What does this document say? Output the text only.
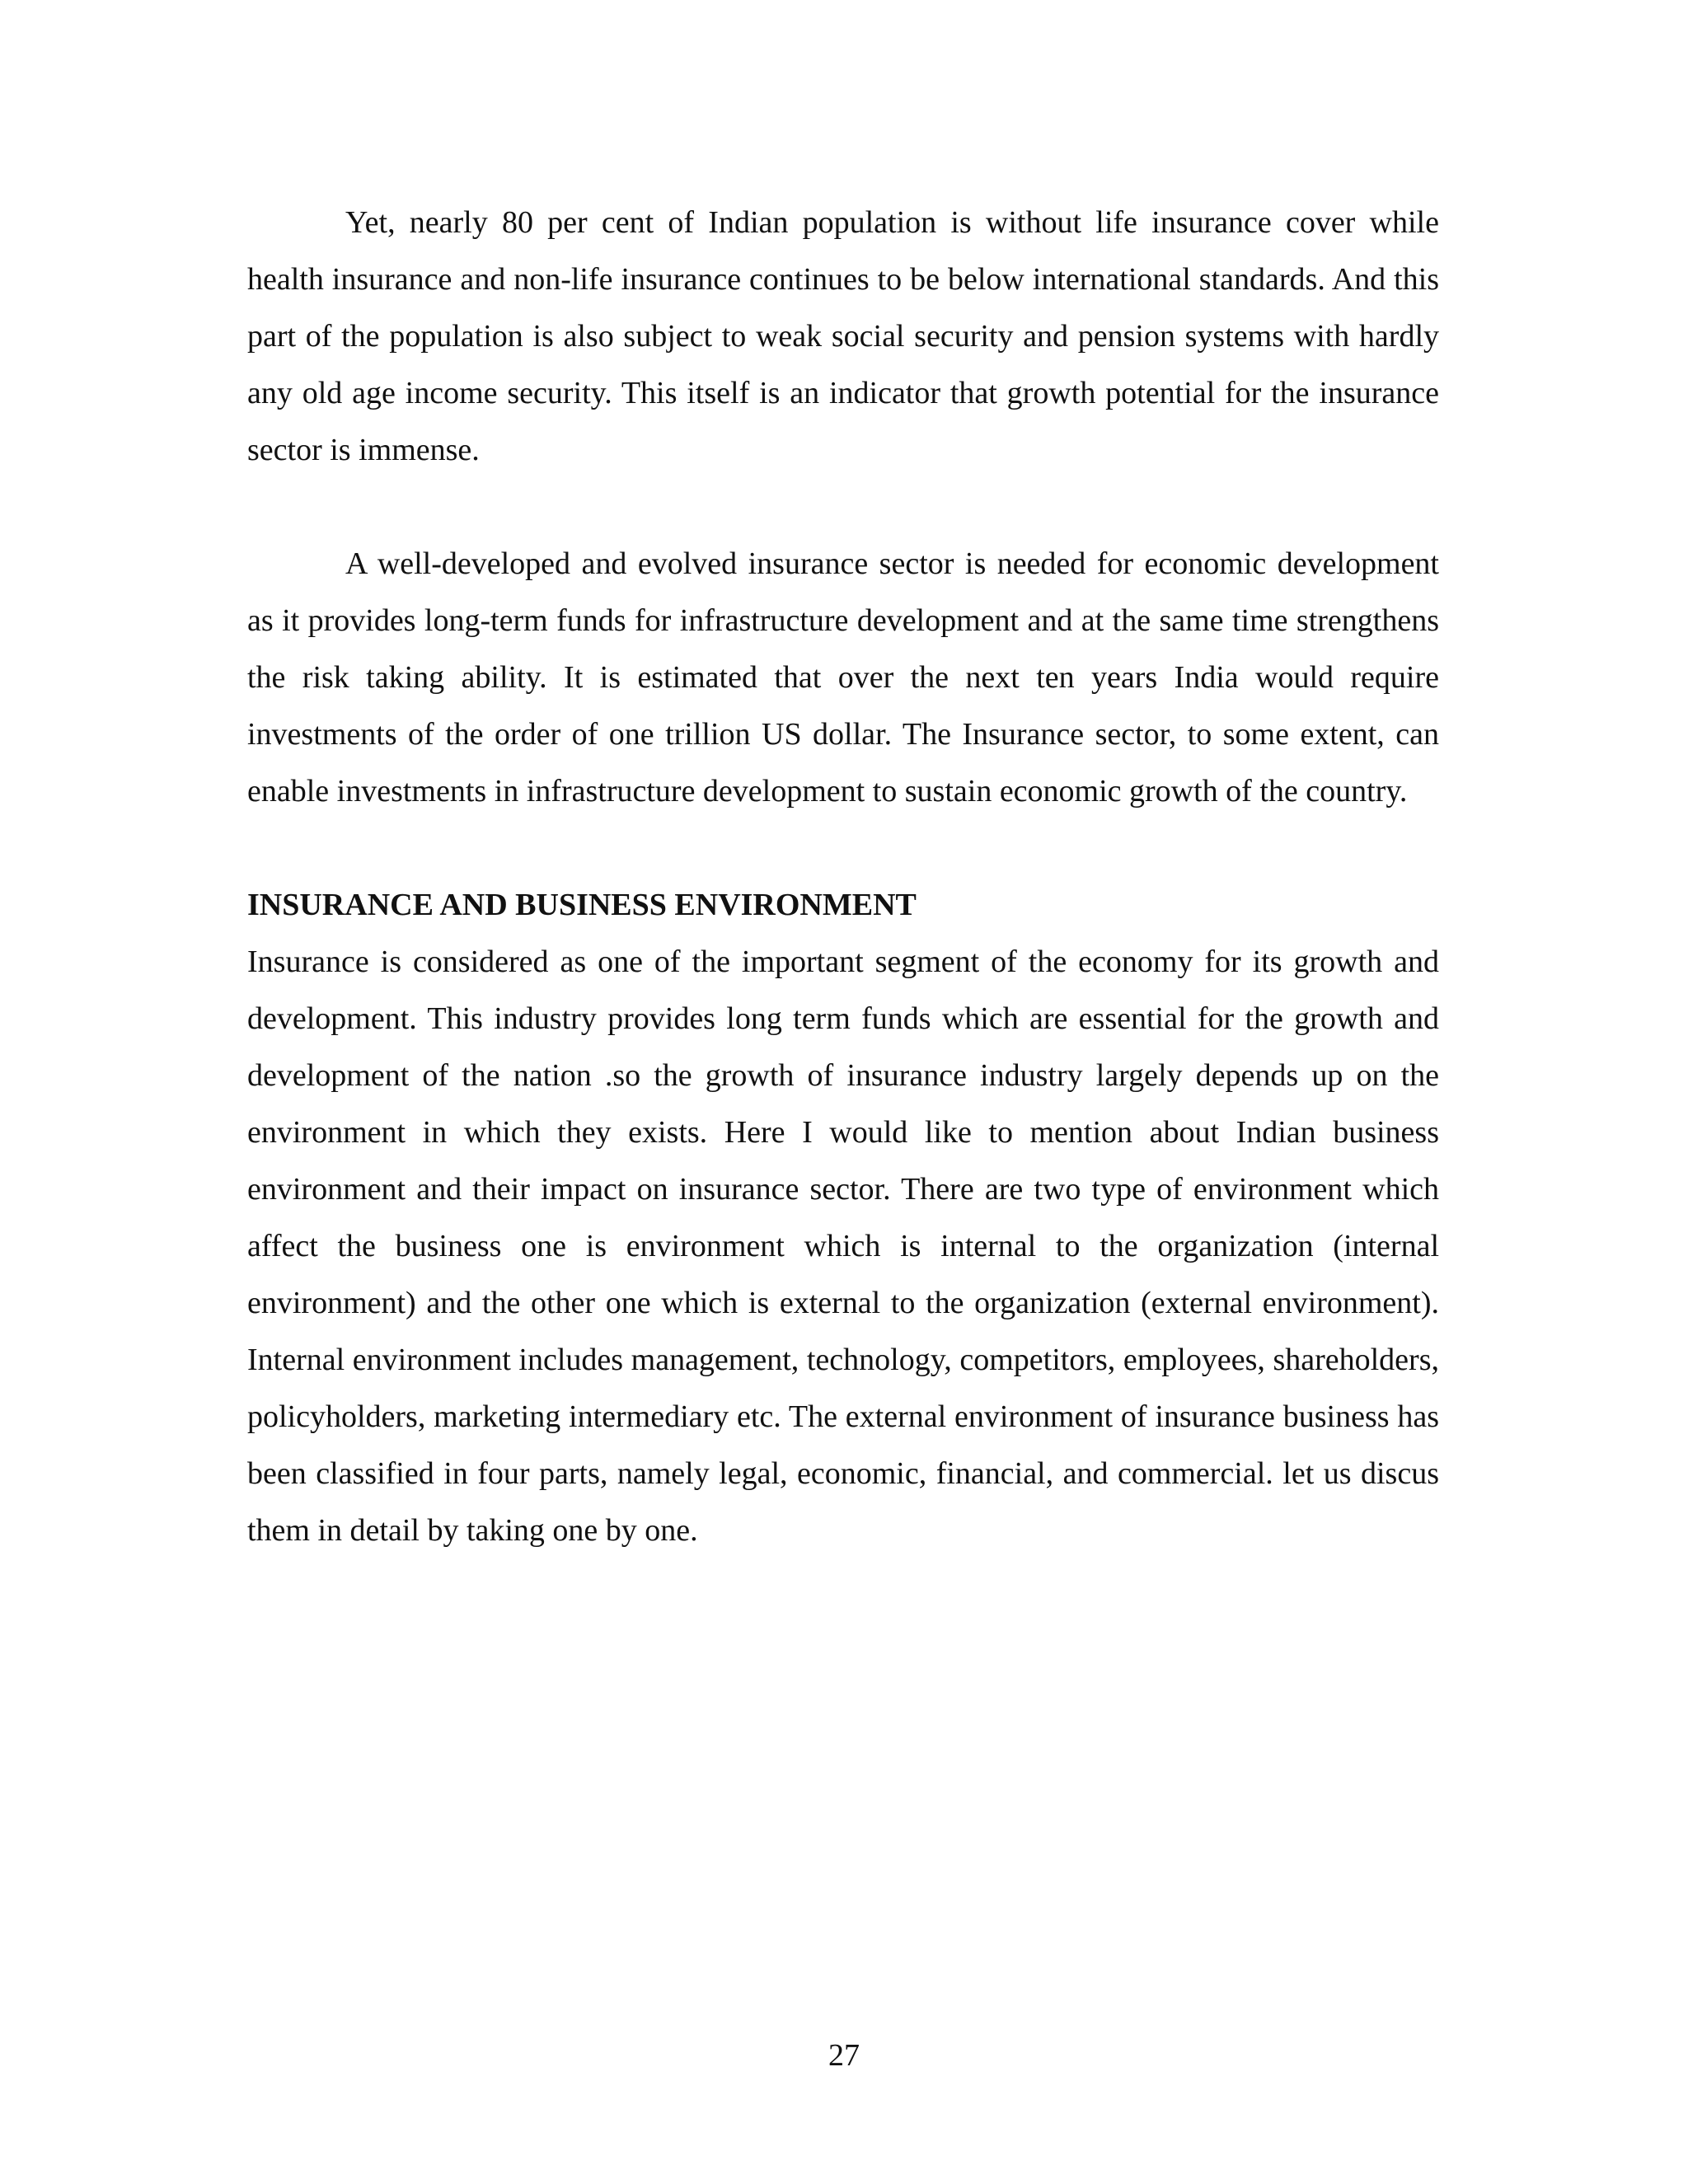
Yet, nearly 80 per cent of Indian population is without life insurance cover while health insurance and non-life insurance continues to be below international standards. And this part of the population is also subject to weak social security and pension systems with hardly any old age income security. This itself is an indicator that growth potential for the insurance sector is immense.

A well-developed and evolved insurance sector is needed for economic development as it provides long-term funds for infrastructure development and at the same time strengthens the risk taking ability. It is estimated that over the next ten years India would require investments of the order of one trillion US dollar. The Insurance sector, to some extent, can enable investments in infrastructure development to sustain economic growth of the country.

INSURANCE AND BUSINESS ENVIRONMENT

Insurance is considered as one of the important segment of the economy for its growth and development. This industry provides long term funds which are essential for the growth and development of the nation .so the growth of insurance industry largely depends up on the environment in which they exists. Here I would like to mention about Indian business environment and their impact on insurance sector. There are two type of environment which affect the business one is environment which is internal to the organization (internal environment) and the other one which is external to the organization (external environment). Internal environment includes management, technology, competitors, employees, shareholders, policyholders, marketing intermediary etc. The external environment of insurance business has been classified in four parts, namely legal, economic, financial, and commercial. let us discus them in detail by taking one by one.

27
